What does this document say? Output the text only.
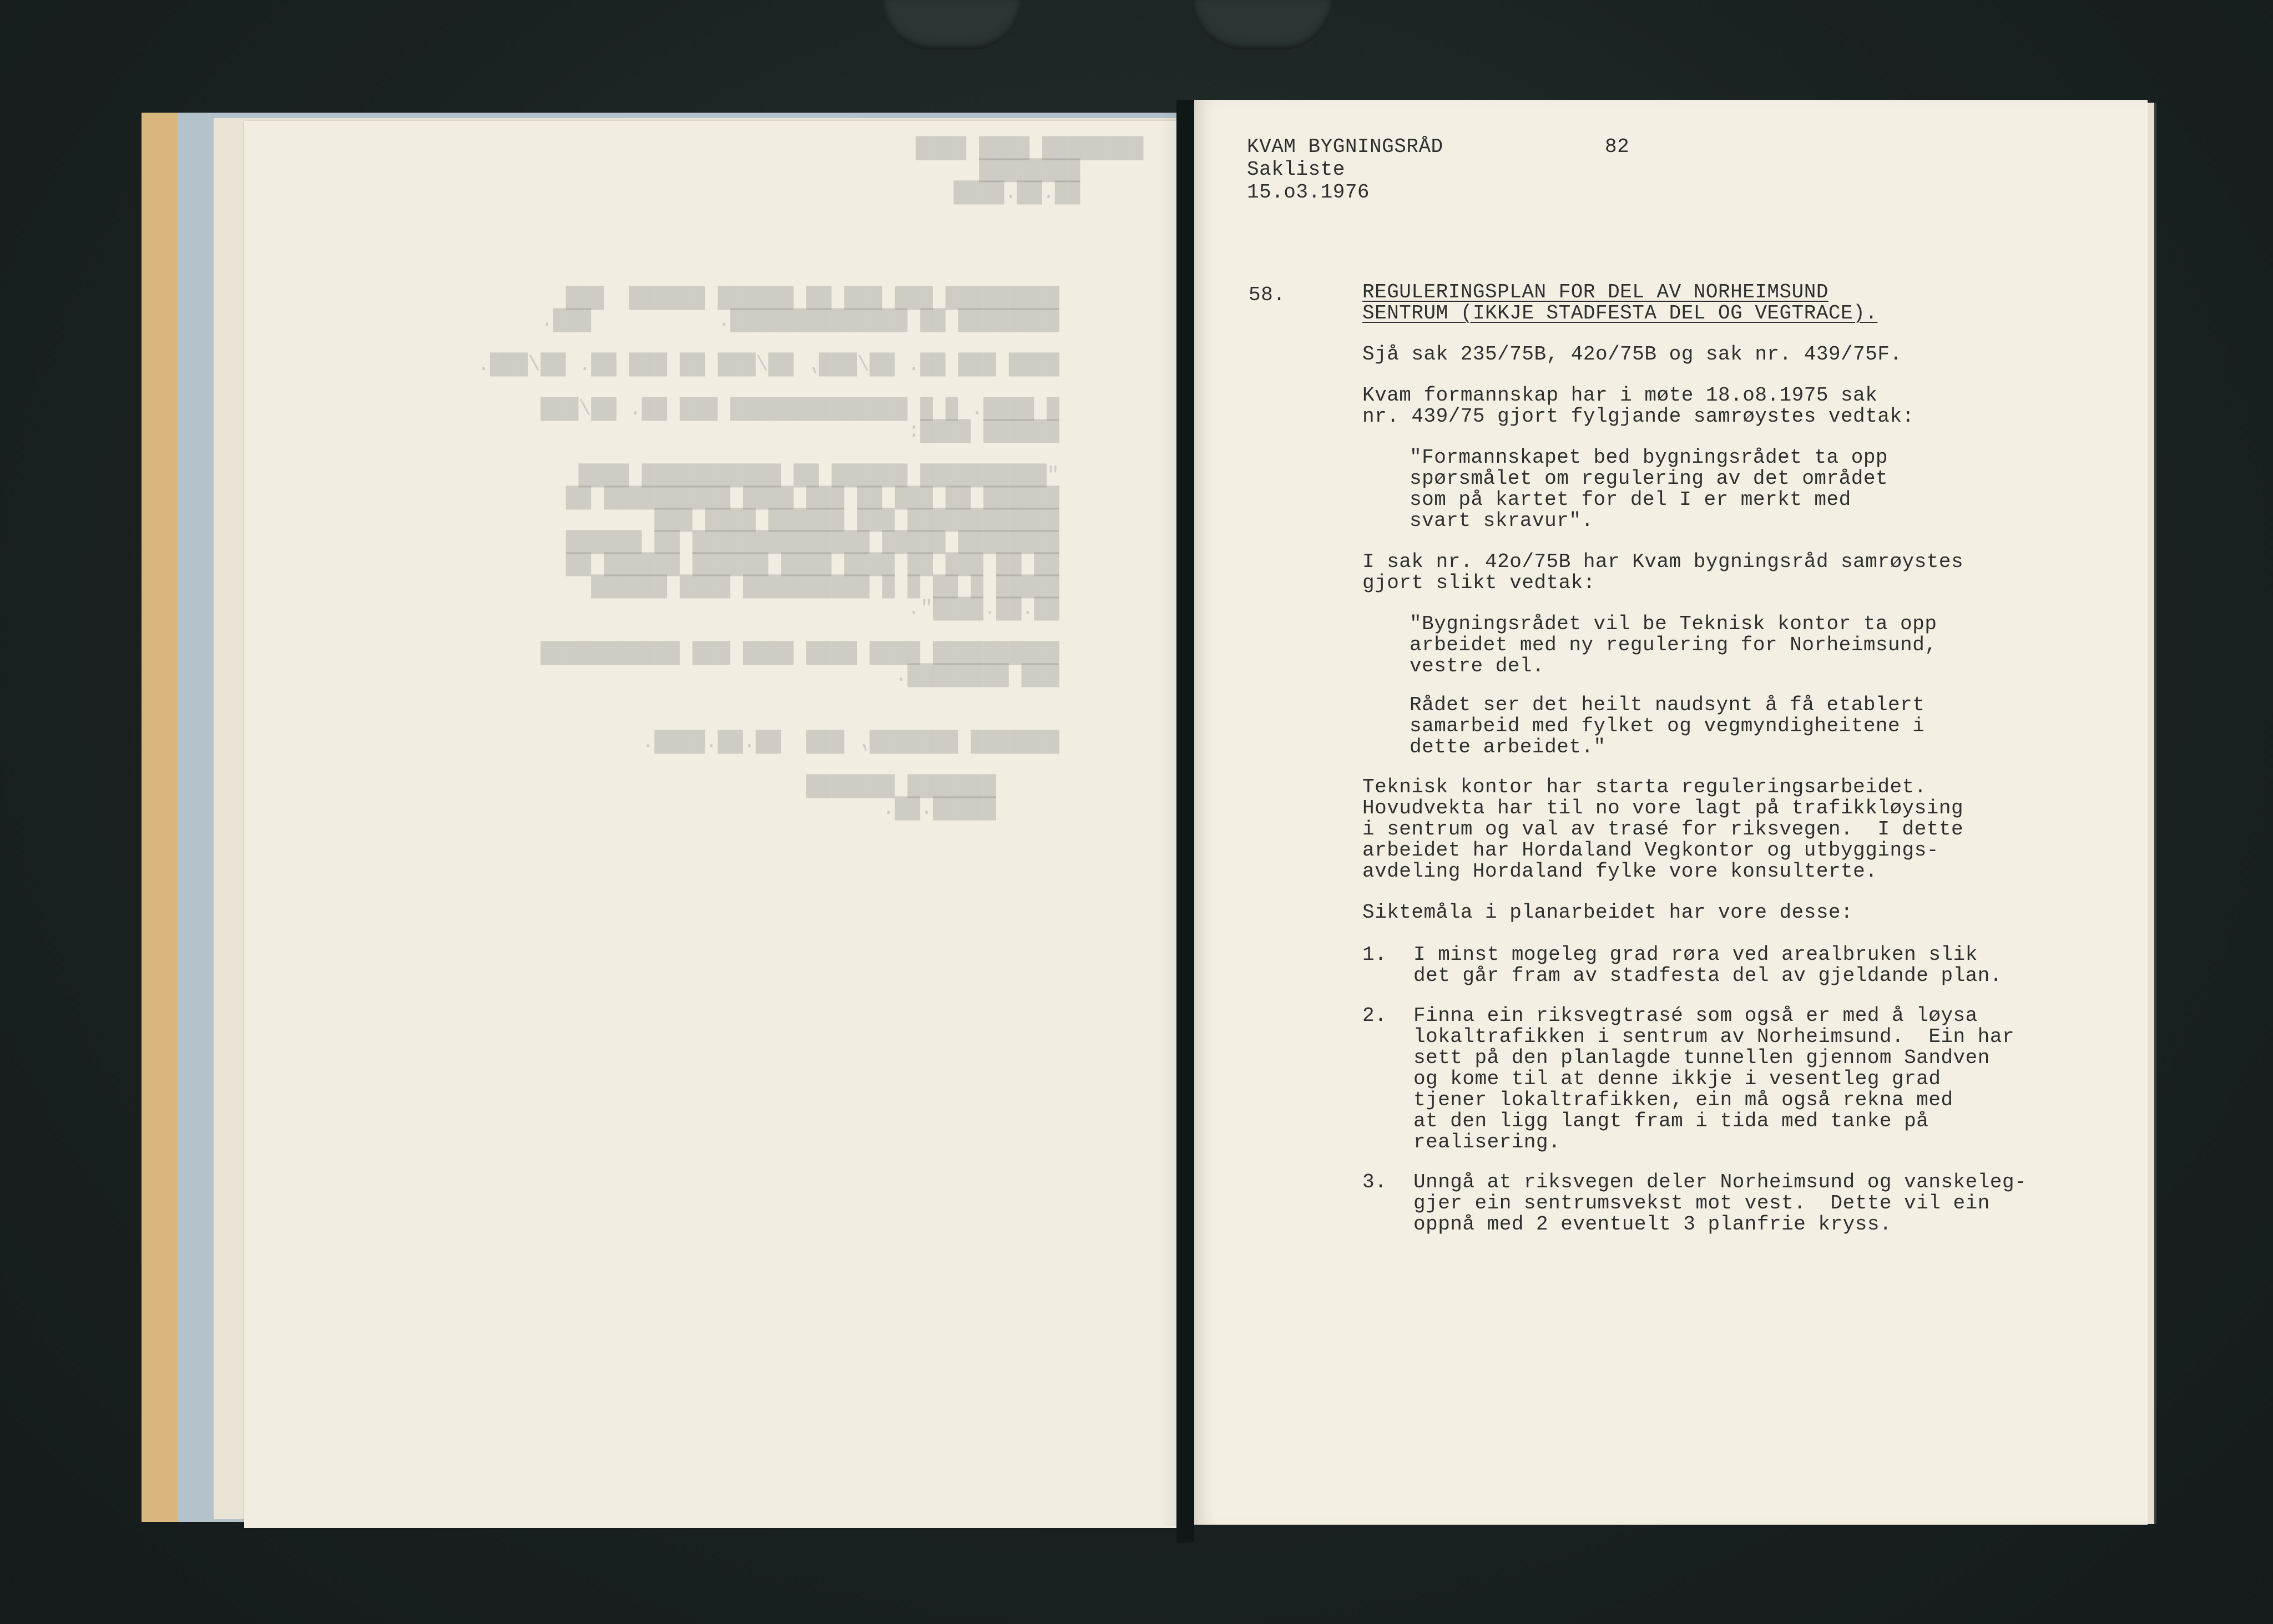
████████ ████ ████
████████
██.██.████
█████████ ███ ███ ██ ██████ ██████  ███
████████ ██ ██████████████.          ███.

████ ███ ██. ██/███, ██/███ ██ ███ ██. ██/███.

█ ████. █ █ ██████████████ ███ ██. ██/███
██████ ████:

"██████████ ██████ ██ ███████████ ████
██████ ██ ███ ██ ███ ████ ██████████ ██
████████████ ███ ██████ ████ ███
████████ █████ ██████████████ ██ ██████
██ ██ ███ ██ ████ ████ ██████ ██████ ██
█████ █ ██ █ █ ██████████ ████ ██████
██.██.████".

██████████ ████ ████ ████ ███ ███████████
███ ████████.

███████ ███████, ███  ██.██.████.

███████ ███████
█████.██.
KVAM BYGNINGSRÅD	82
Sakliste
15.o3.1976
58.	REGULERINGSPLAN FOR DEL AV NORHEIMSUND
SENTRUM (IKKJE STADFESTA DEL OG VEGTRACE).
Sjå sak 235/75B, 42o/75B og sak nr. 439/75F.
Kvam formannskap har i møte 18.o8.1975 sak
nr. 439/75 gjort fylgjande samrøystes vedtak:
"Formannskapet bed bygningsrådet ta opp
spørsmålet om regulering av det området
som på kartet for del I er merkt med
svart skravur".
I sak nr. 42o/75B har Kvam bygningsråd samrøystes
gjort slikt vedtak:
"Bygningsrådet vil be Teknisk kontor ta opp
arbeidet med ny regulering for Norheimsund,
vestre del.
Rådet ser det heilt naudsynt å få etablert
samarbeid med fylket og vegmyndigheitene i
dette arbeidet."
Teknisk kontor har starta reguleringsarbeidet.
Hovudvekta har til no vore lagt på trafikkløysing
i sentrum og val av trasé for riksvegen.  I dette
arbeidet har Hordaland Vegkontor og utbyggings-
avdeling Hordaland fylke vore konsulterte.
Siktemåla i planarbeidet har vore desse:
1. I minst mogeleg grad røra ved arealbruken slik
det går fram av stadfesta del av gjeldande plan.
2. Finna ein riksvegtrasé som også er med å løysa
lokaltrafikken i sentrum av Norheimsund.  Ein har
sett på den planlagde tunnellen gjennom Sandven
og kome til at denne ikkje i vesentleg grad
tjener lokaltrafikken, ein må også rekna med
at den ligg langt fram i tida med tanke på
realisering.
3. Unngå at riksvegen deler Norheimsund og vanskeleg-
gjer ein sentrumsvekst mot vest.  Dette vil ein
oppnå med 2 eventuelt 3 planfrie kryss.
